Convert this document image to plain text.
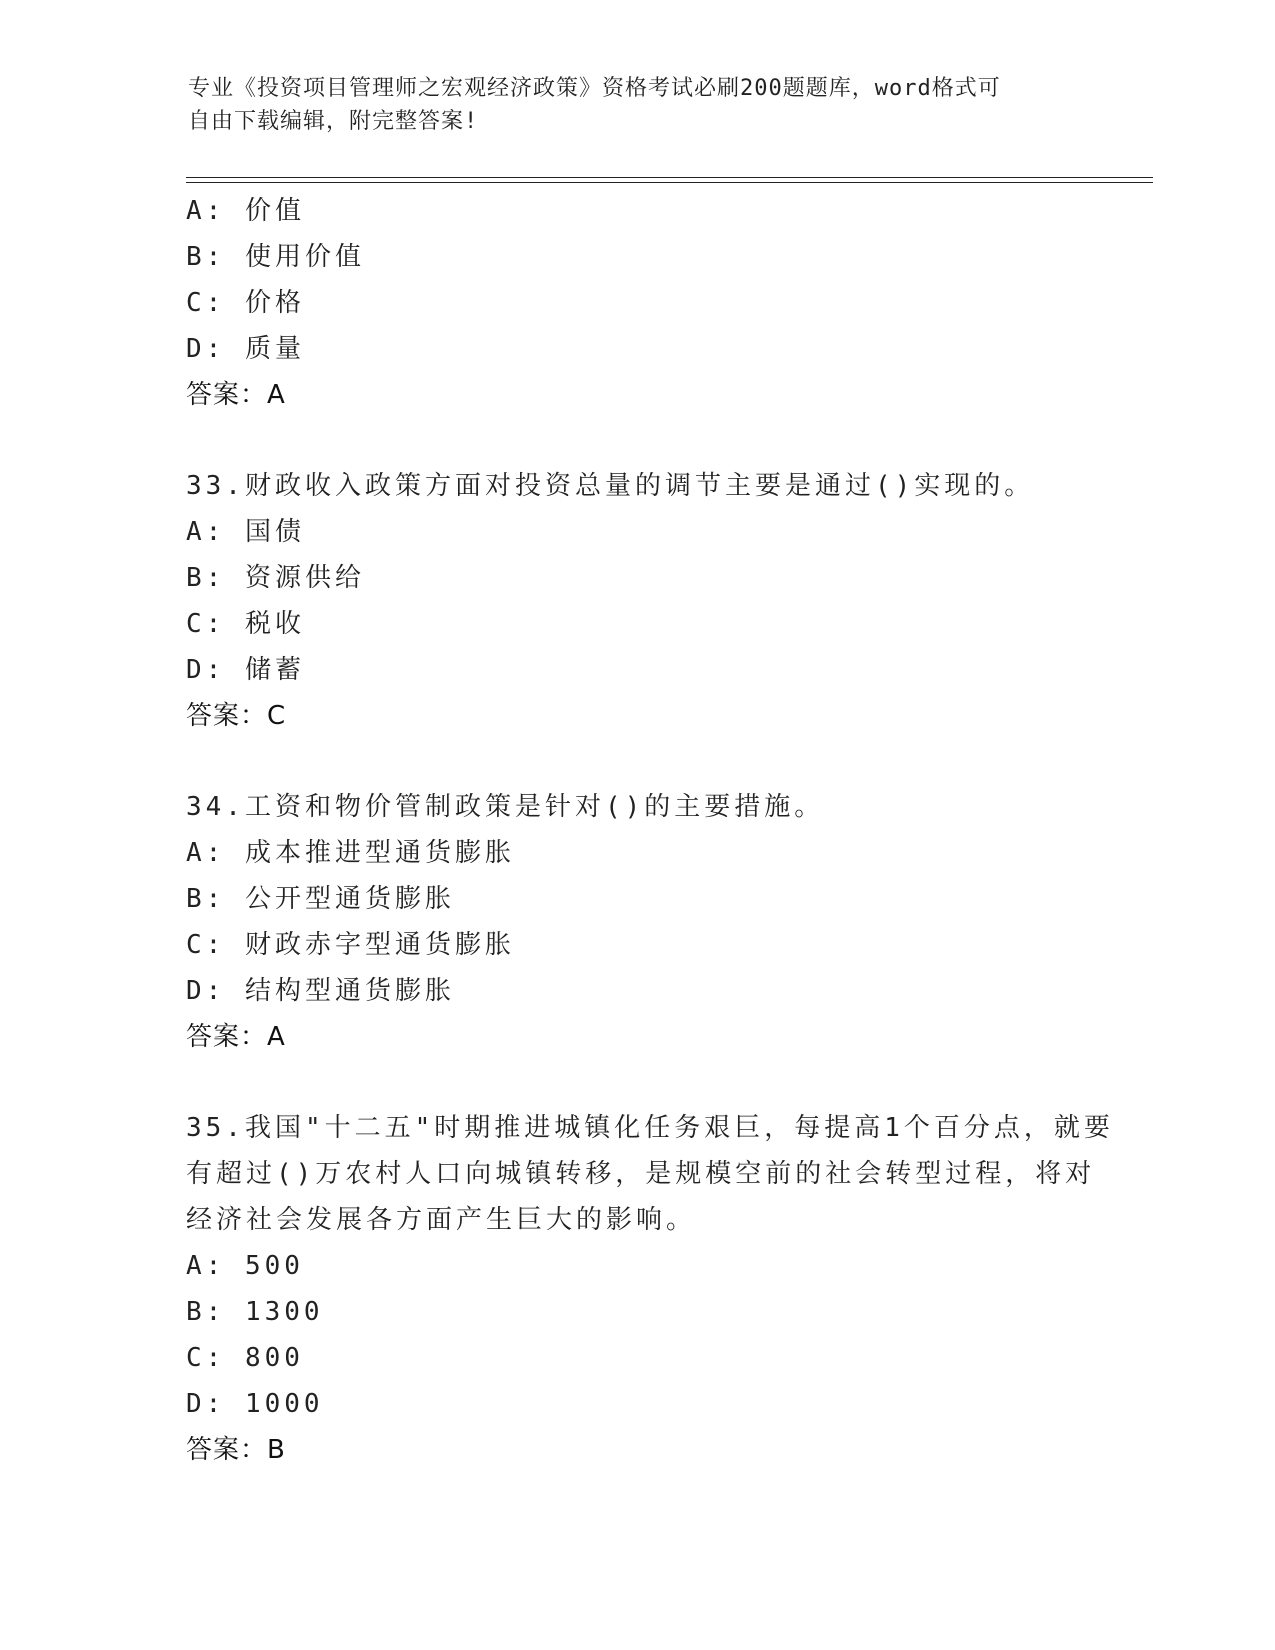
专业《投资项目管理师之宏观经济政策》资格考试必刷200题题库，word格式可
自由下载编辑，附完整答案!
A: 价值
B: 使用价值
C: 价格
D: 质量
答案：A
33.财政收入政策方面对投资总量的调节主要是通过()实现的。
A: 国债
B: 资源供给
C: 税收
D: 储蓄
答案：C
34.工资和物价管制政策是针对()的主要措施。
A: 成本推进型通货膨胀
B: 公开型通货膨胀
C: 财政赤字型通货膨胀
D: 结构型通货膨胀
答案：A
35.我国"十二五"时期推进城镇化任务艰巨，每提高1个百分点，就要
有超过()万农村人口向城镇转移，是规模空前的社会转型过程，将对
经济社会发展各方面产生巨大的影响。
A: 500
B: 1300
C: 800
D: 1000
答案：B
